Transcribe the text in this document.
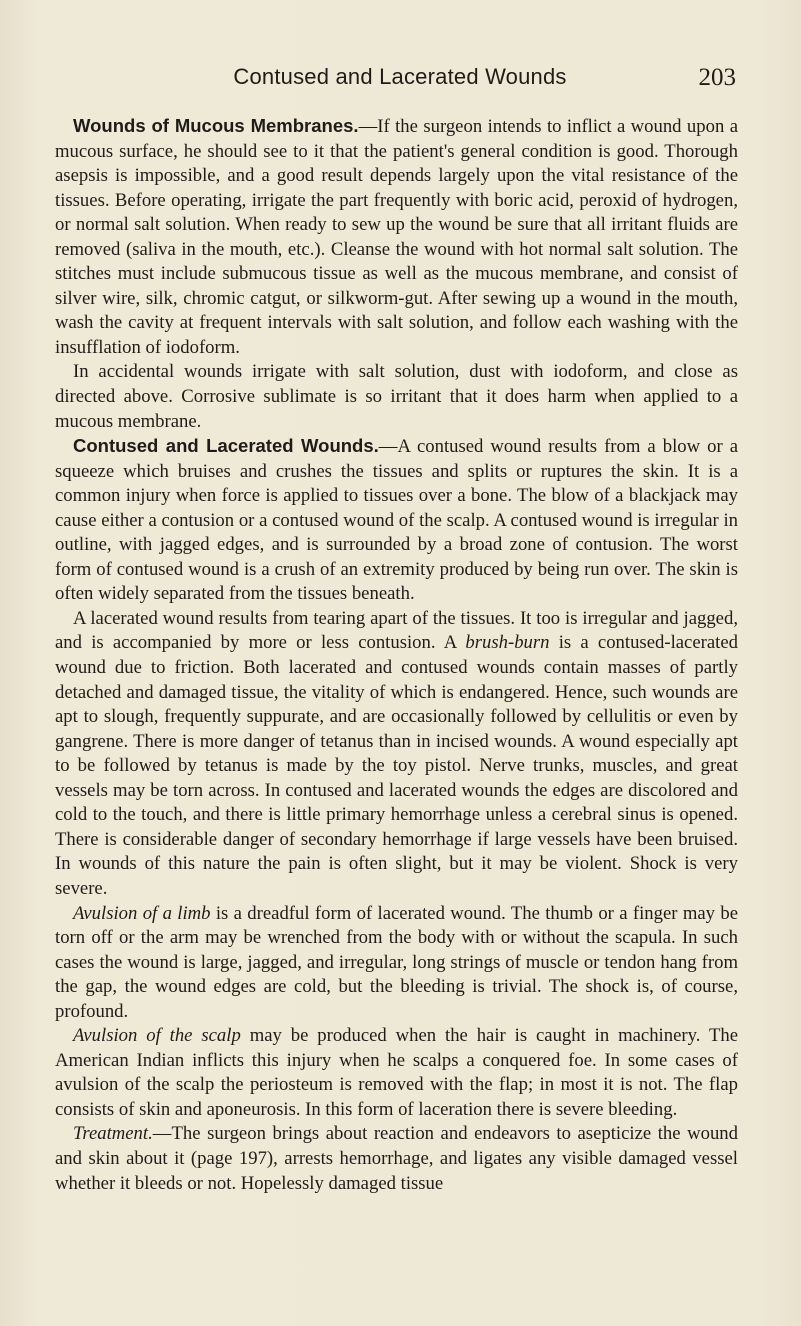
Contused and Lacerated Wounds	203

Wounds of Mucous Membranes.—If the surgeon intends to inflict a wound upon a mucous surface, he should see to it that the patient's general condition is good. Thorough asepsis is impossible, and a good result depends largely upon the vital resistance of the tissues. Before operating, irrigate the part frequently with boric acid, peroxid of hydrogen, or normal salt solution. When ready to sew up the wound be sure that all irritant fluids are removed (saliva in the mouth, etc.). Cleanse the wound with hot normal salt solution. The stitches must include submucous tissue as well as the mucous membrane, and consist of silver wire, silk, chromic catgut, or silkworm-gut. After sewing up a wound in the mouth, wash the cavity at frequent intervals with salt solution, and follow each washing with the insufflation of iodoform.

In accidental wounds irrigate with salt solution, dust with iodoform, and close as directed above. Corrosive sublimate is so irritant that it does harm when applied to a mucous membrane.

Contused and Lacerated Wounds.—A contused wound results from a blow or a squeeze which bruises and crushes the tissues and splits or ruptures the skin. It is a common injury when force is applied to tissues over a bone. The blow of a blackjack may cause either a contusion or a contused wound of the scalp. A contused wound is irregular in outline, with jagged edges, and is surrounded by a broad zone of contusion. The worst form of contused wound is a crush of an extremity produced by being run over. The skin is often widely separated from the tissues beneath.

A lacerated wound results from tearing apart of the tissues. It too is irregular and jagged, and is accompanied by more or less contusion. A brush-burn is a contused-lacerated wound due to friction. Both lacerated and contused wounds contain masses of partly detached and damaged tissue, the vitality of which is endangered. Hence, such wounds are apt to slough, frequently suppurate, and are occasionally followed by cellulitis or even by gangrene. There is more danger of tetanus than in incised wounds. A wound especially apt to be followed by tetanus is made by the toy pistol. Nerve trunks, muscles, and great vessels may be torn across. In contused and lacerated wounds the edges are discolored and cold to the touch, and there is little primary hemorrhage unless a cerebral sinus is opened. There is considerable danger of secondary hemorrhage if large vessels have been bruised. In wounds of this nature the pain is often slight, but it may be violent. Shock is very severe.

Avulsion of a limb is a dreadful form of lacerated wound. The thumb or a finger may be torn off or the arm may be wrenched from the body with or without the scapula. In such cases the wound is large, jagged, and irregular, long strings of muscle or tendon hang from the gap, the wound edges are cold, but the bleeding is trivial. The shock is, of course, profound.

Avulsion of the scalp may be produced when the hair is caught in machinery. The American Indian inflicts this injury when he scalps a conquered foe. In some cases of avulsion of the scalp the periosteum is removed with the flap; in most it is not. The flap consists of skin and aponeurosis. In this form of laceration there is severe bleeding.

Treatment.—The surgeon brings about reaction and endeavors to asepticize the wound and skin about it (page 197), arrests hemorrhage, and ligates any visible damaged vessel whether it bleeds or not. Hopelessly damaged tissue
